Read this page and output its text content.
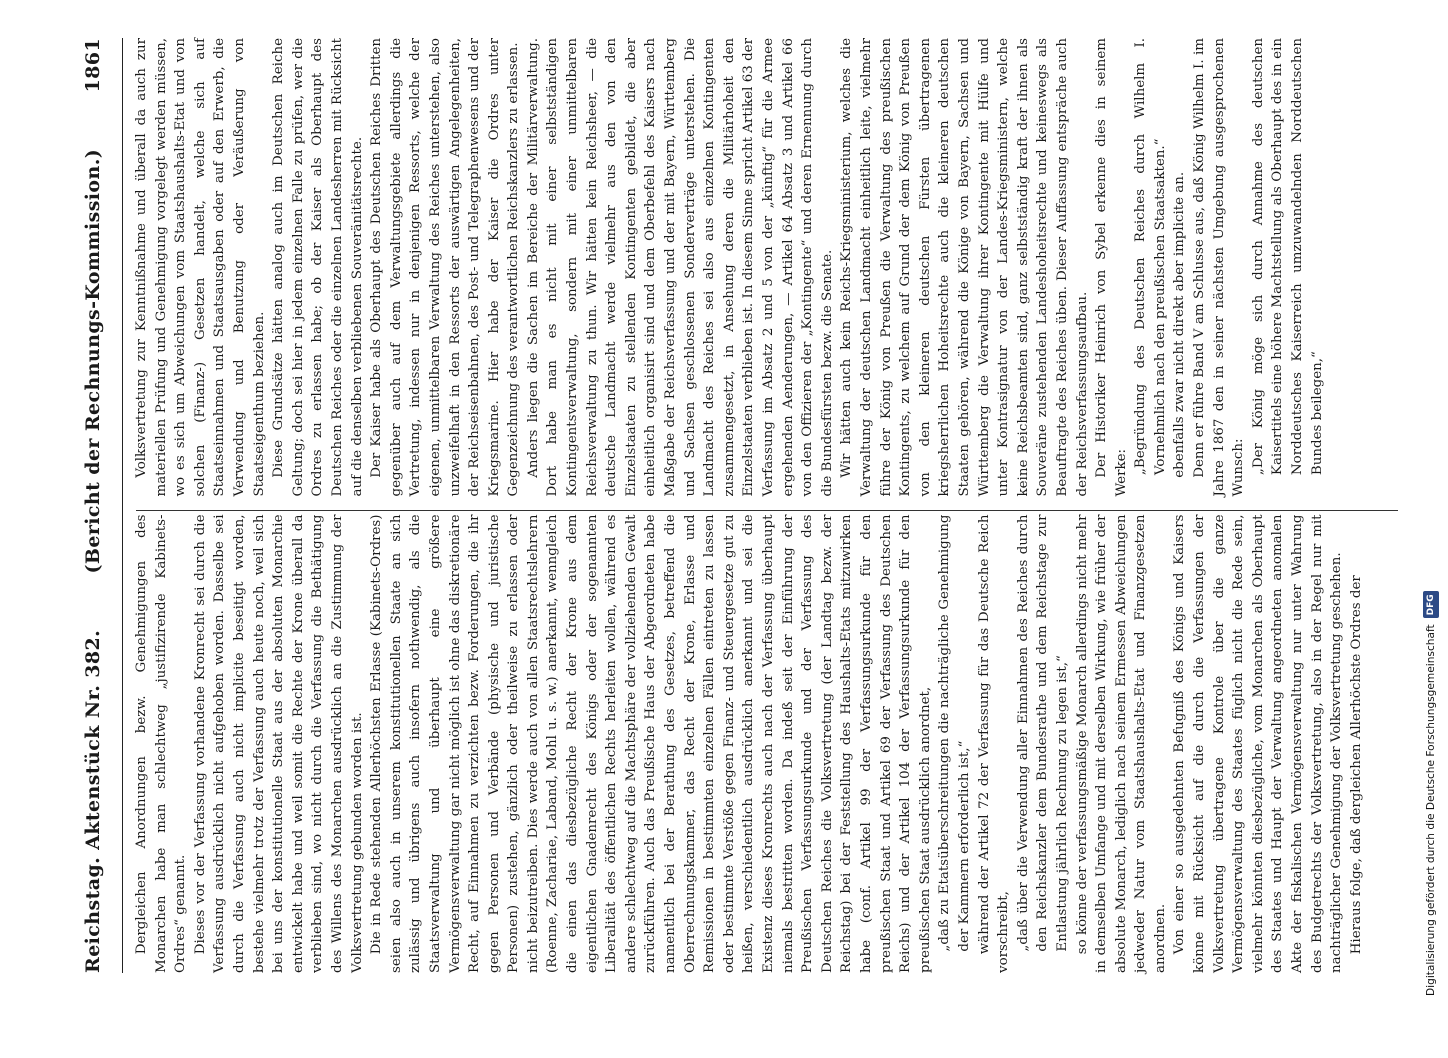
Reichstag. Aktenstück Nr. 382.
(Bericht der Rechnungs-Kommission.)
1861

Dergleichen Anordnungen bezw. Genehmigungen des Monarchen habe man schlechtweg „justifizirende Kabinets-Ordres“ genannt. Dieses vor der Verfassung vorhandene Kronrecht sei durch die Verfassung ausdrücklich nicht aufgehoben worden. Dasselbe sei durch die Verfassung auch nicht implicite beseitigt worden, bestehe vielmehr trotz der Verfassung auch heute noch, weil sich bei uns der konstitutionelle Staat aus der absoluten Monarchie entwickelt habe und weil somit die Rechte der Krone überall da verblieben sind, wo nicht durch die Verfassung die Bethätigung des Willens des Monarchen ausdrücklich an die Zustimmung der Volksvertretung gebunden worden ist. Die in Rede stehenden Allerhöchsten Erlasse (Kabinets-Ordres) seien also auch in unserem konstitutionellen Staate an sich zulässig und übrigens auch insofern nothwendig, als die Staatsverwaltung und überhaupt eine größere Vermögensverwaltung gar nicht möglich ist ohne das diskretionäre Recht, auf Einnahmen zu verzichten bezw. Forderungen, die ihr gegen Personen und Verbände (physische und juristische Personen) zustehen, gänzlich oder theilweise zu erlassen oder nicht beizutreiben. Dies werde auch von allen Staatsrechtslehrern (Roenne, Zachariae, Laband, Mohl u. s. w.) anerkannt, wenngleich die einen das diesbezügliche Recht der Krone aus dem eigentlichen Gnadenrecht des Königs oder der sogenannten Liberalität des öffentlichen Rechts herleiten wollen, während es andere schlechtweg auf die Machtsphäre der vollziehenden Gewalt zurückführen. Auch das Preußische Haus der Abgeordneten habe namentlich bei der Berathung des Gesetzes, betreffend die Oberrechnungskammer, das Recht der Krone, Erlasse und Remissionen in bestimmten einzelnen Fällen eintreten zu lassen oder bestimmte Verstöße gegen Finanz- und Steuergesetze gut zu heißen, verschiedentlich ausdrücklich anerkannt und sei die Existenz dieses Kronrechts auch nach der Verfassung überhaupt niemals bestritten worden. Da indeß seit der Einführung der Preußischen Verfassungsurkunde und der Verfassung des Deutschen Reiches die Volksvertretung (der Landtag bezw. der Reichstag) bei der Feststellung des Haushalts-Etats mitzuwirken habe (conf. Artikel 99 der Verfassungsurkunde für den preußischen Staat und Artikel 69 der Verfassung des Deutschen Reichs) und der Artikel 104 der Verfassungsurkunde für den preußischen Staat ausdrücklich anordnet, „daß zu Etatsüberschreitungen die nachträgliche Genehmigung der Kammern erforderlich ist,“ während der Artikel 72 der Verfassung für das Deutsche Reich vorschreibt, „daß über die Verwendung aller Einnahmen des Reiches durch den Reichskanzler dem Bundesrathe und dem Reichstage zur Entlastung jährlich Rechnung zu legen ist,“ so könne der verfassungsmäßige Monarch allerdings nicht mehr in demselben Umfange und mit derselben Wirkung, wie früher der absolute Monarch, lediglich nach seinem Ermessen Abweichungen jedweder Natur vom Staatshaushalts-Etat und Finanzgesetzen anordnen. Von einer so ausgedehnten Befugniß des Königs und Kaisers könne mit Rücksicht auf die durch die Verfassungen der Volksvertretung übertragene Kontrole über die ganze Vermögensverwaltung des Staates füglich nicht die Rede sein, vielmehr könnten diesbezügliche, vom Monarchen als Oberhaupt des Staates und Haupt der Verwaltung angeordneten anomalen Akte der fiskalischen Vermögensverwaltung nur unter Wahrung des Budgetrechts der Volksvertretung, also in der Regel nur mit nachträglicher Genehmigung der Volksvertretung geschehen. Hieraus folge, daß dergleichen Allerhöchste Ordres der

Volksvertretung zur Kenntnißnahme und überall da auch zur materiellen Prüfung und Genehmigung vorgelegt werden müssen, wo es sich um Abweichungen vom Staatshaushalts-Etat und von solchen (Finanz-) Gesetzen handelt, welche sich auf Staatseinnahmen und Staatsausgaben oder auf den Erwerb, die Verwendung und Benutzung oder Veräußerung von Staatseigenthum beziehen. Diese Grundsätze hätten analog auch im Deutschen Reiche Geltung; doch sei hier in jedem einzelnen Falle zu prüfen, wer die Ordres zu erlassen habe; ob der Kaiser als Oberhaupt des Deutschen Reiches oder die einzelnen Landesherren mit Rücksicht auf die denselben verbliebenen Souveränitätsrechte. Der Kaiser habe als Oberhaupt des Deutschen Reiches Dritten gegenüber auch auf dem Verwaltungsgebiete allerdings die Vertretung, indessen nur in denjenigen Ressorts, welche der eigenen, unmittelbaren Verwaltung des Reiches unterstehen, also unzweifelhaft in den Ressorts der auswärtigen Angelegenheiten, der Reichseisenbahnen, des Post- und Telegraphenwesens und der Kriegsmarine. Hier habe der Kaiser die Ordres unter Gegenzeichnung des verantwortlichen Reichskanzlers zu erlassen. Anders liegen die Sachen im Bereiche der Militärverwaltung. Dort habe man es nicht mit einer selbstständigen Kontingentsverwaltung, sondern mit einer unmittelbaren Reichsverwaltung zu thun. Wir hätten kein Reichsheer, — die deutsche Landmacht werde vielmehr aus den von den Einzelstaaten zu stellenden Kontingenten gebildet, die aber einheitlich organisirt sind und dem Oberbefehl des Kaisers nach Maßgabe der Reichsverfassung und der mit Bayern, Württemberg und Sachsen geschlossenen Sonderverträge unterstehen. Die Landmacht des Reiches sei also aus einzelnen Kontingenten zusammengesetzt, in Ansehung deren die Militärhoheit den Einzelstaaten verblieben ist. In diesem Sinne spricht Artikel 63 der Verfassung im Absatz 2 und 5 von der „künftig“ für die Armee ergehenden Aenderungen, — Artikel 64 Absatz 3 und Artikel 66 von den Offizieren der „Kontingente“ und deren Ernennung durch die Bundesfürsten bezw. die Senate. Wir hätten auch kein Reichs-Kriegsministerium, welches die Verwaltung der deutschen Landmacht einheitlich leite, vielmehr führe der König von Preußen die Verwaltung des preußischen Kontingents, zu welchem auf Grund der dem König von Preußen von den kleineren deutschen Fürsten übertragenen kriegsherrlichen Hoheitsrechte auch die kleineren deutschen Staaten gehören, während die Könige von Bayern, Sachsen und Württemberg die Verwaltung ihrer Kontingente mit Hülfe und unter Kontrasignatur von der Landes-Kriegsministern, welche keine Reichsbeamten sind, ganz selbstständig kraft der ihnen als Souveräne zustehenden Landeshoheitsrechte und keineswegs als Beauftragte des Reiches üben. Dieser Auffassung entspräche auch der Reichsverfassungsaufbau. Der Historiker Heinrich von Sybel erkenne dies in seinem Werke: „Begründung des Deutschen Reiches durch Wilhelm I. Vornehmlich nach den preußischen Staatsakten.“ ebenfalls zwar nicht direkt aber implicite an. Denn er führe Band V am Schlusse aus, daß König Wilhelm I. im Jahre 1867 den in seiner nächsten Umgebung ausgesprochenen Wunsch: „Der König möge sich durch Annahme des deutschen Kaisertitels eine höhere Machtstellung als Oberhaupt des in ein Norddeutsches Kaiserreich umzuwandelnden Norddeutschen Bundes beilegen,“

Digitalisierung gefördert durch die Deutsche Forschungsgemeinschaft
DFG
